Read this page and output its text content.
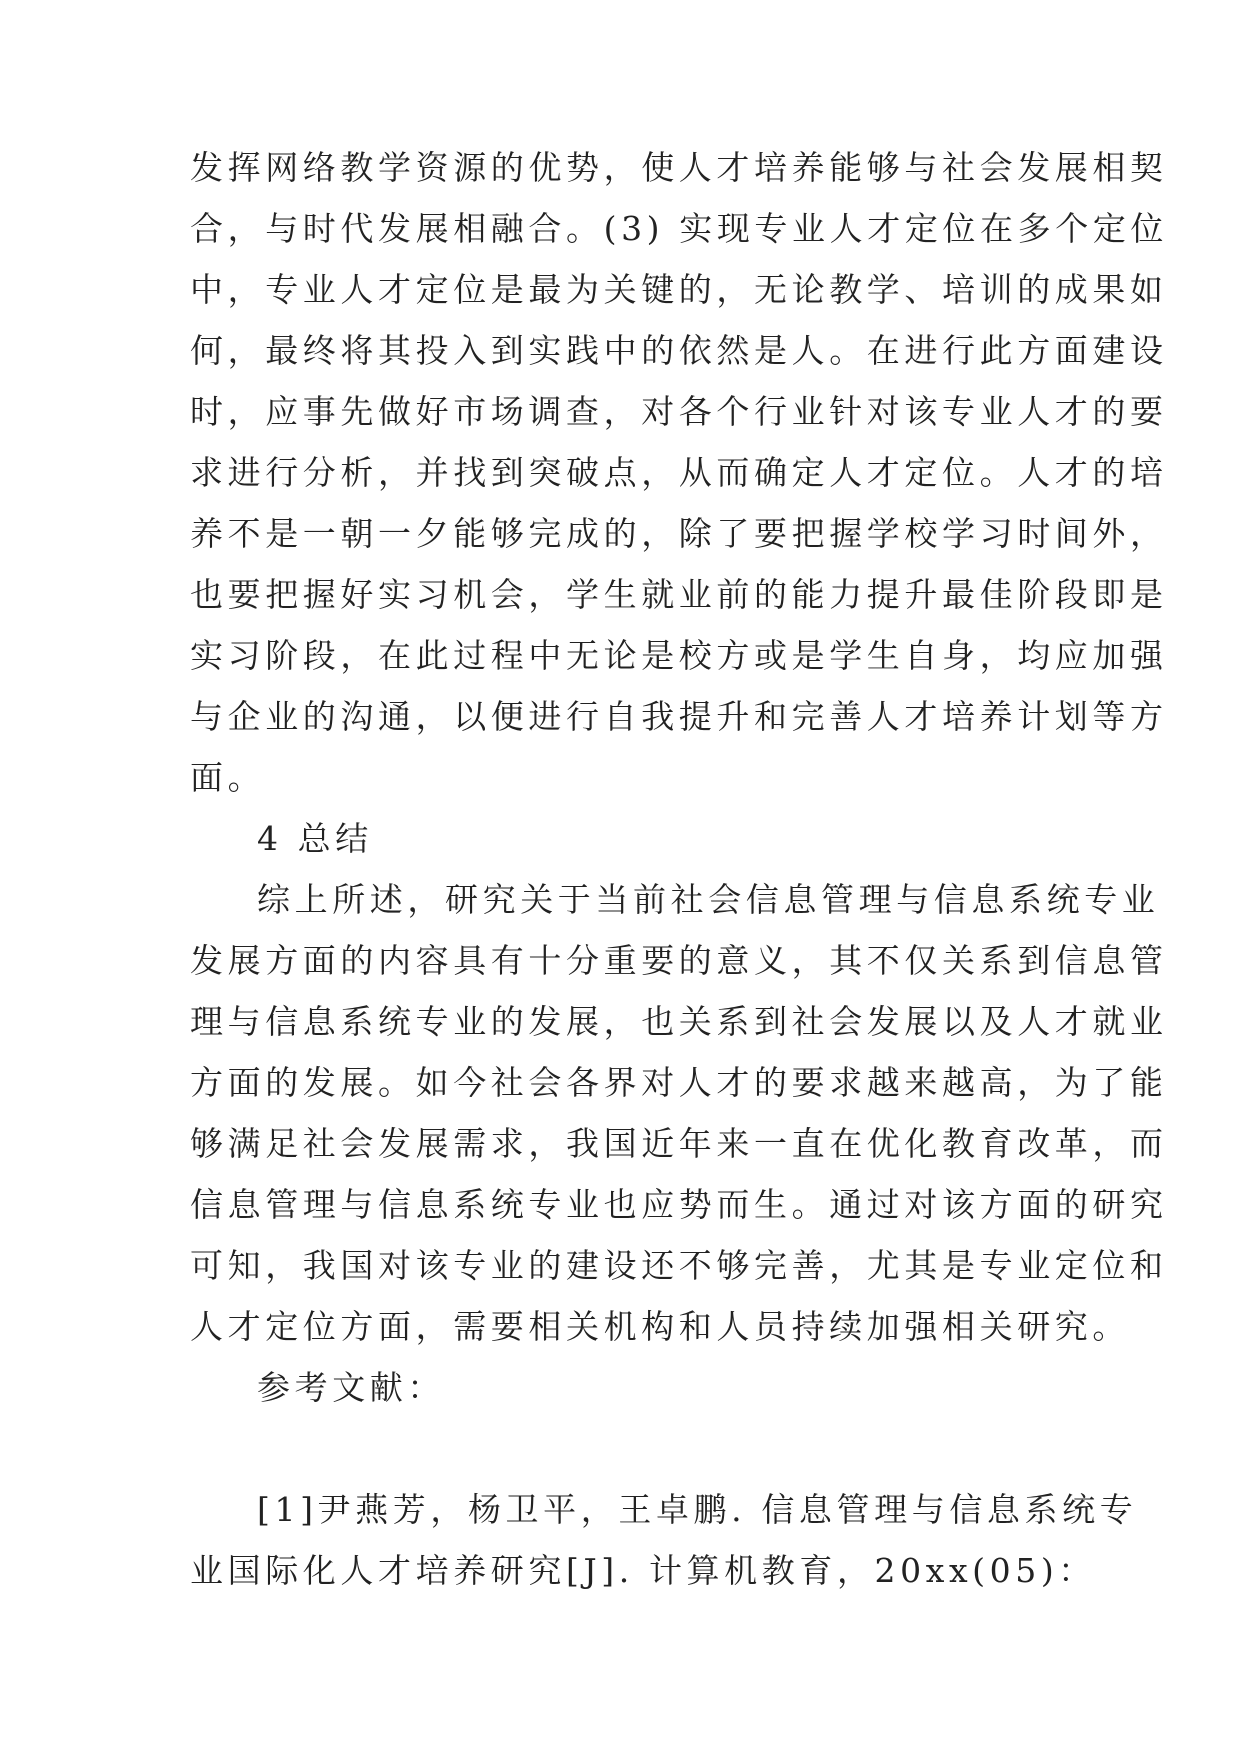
发挥网络教学资源的优势，使人才培养能够与社会发展相契
合，与时代发展相融合。(3) 实现专业人才定位在多个定位
中，专业人才定位是最为关键的，无论教学、培训的成果如
何，最终将其投入到实践中的依然是人。在进行此方面建设
时，应事先做好市场调查，对各个行业针对该专业人才的要
求进行分析，并找到突破点，从而确定人才定位。人才的培
养不是一朝一夕能够完成的，除了要把握学校学习时间外，
也要把握好实习机会，学生就业前的能力提升最佳阶段即是
实习阶段，在此过程中无论是校方或是学生自身，均应加强
与企业的沟通，以便进行自我提升和完善人才培养计划等方
面。
4 总结
综上所述，研究关于当前社会信息管理与信息系统专业
发展方面的内容具有十分重要的意义，其不仅关系到信息管
理与信息系统专业的发展，也关系到社会发展以及人才就业
方面的发展。如今社会各界对人才的要求越来越高，为了能
够满足社会发展需求，我国近年来一直在优化教育改革，而
信息管理与信息系统专业也应势而生。通过对该方面的研究
可知，我国对该专业的建设还不够完善，尤其是专业定位和
人才定位方面，需要相关机构和人员持续加强相关研究。
参考文献：
[1]尹燕芳，杨卫平，王卓鹏. 信息管理与信息系统专
业国际化人才培养研究[J]. 计算机教育，20xx(05)：
